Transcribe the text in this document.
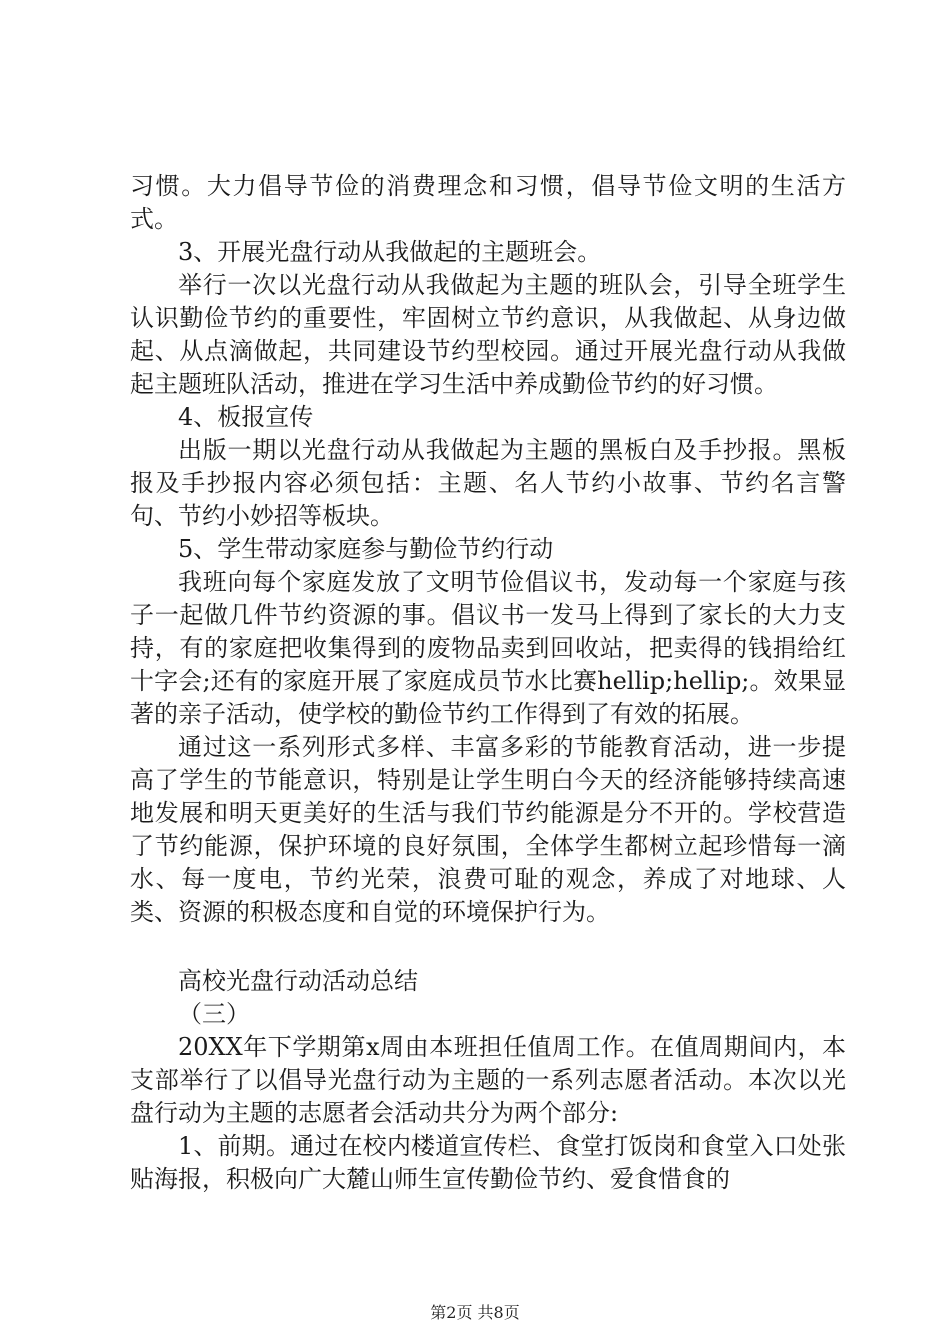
习惯。大力倡导节俭的消费理念和习惯，倡导节俭文明的生活方式。

3、开展光盘行动从我做起的主题班会。

举行一次以光盘行动从我做起为主题的班队会，引导全班学生认识勤俭节约的重要性，牢固树立节约意识，从我做起、从身边做起、从点滴做起，共同建设节约型校园。通过开展光盘行动从我做起主题班队活动，推进在学习生活中养成勤俭节约的好习惯。

4、板报宣传

出版一期以光盘行动从我做起为主题的黑板白及手抄报。黑板报及手抄报内容必须包括：主题、名人节约小故事、节约名言警句、节约小妙招等板块。

5、学生带动家庭参与勤俭节约行动

我班向每个家庭发放了文明节俭倡议书，发动每一个家庭与孩子一起做几件节约资源的事。倡议书一发马上得到了家长的大力支持，有的家庭把收集得到的废物品卖到回收站，把卖得的钱捐给红十字会;还有的家庭开展了家庭成员节水比赛hellip;hellip;。效果显著的亲子活动，使学校的勤俭节约工作得到了有效的拓展。

通过这一系列形式多样、丰富多彩的节能教育活动，进一步提高了学生的节能意识，特别是让学生明白今天的经济能够持续高速地发展和明天更美好的生活与我们节约能源是分不开的。学校营造了节约能源，保护环境的良好氛围，全体学生都树立起珍惜每一滴水、每一度电，节约光荣，浪费可耻的观念，养成了对地球、人类、资源的积极态度和自觉的环境保护行为。

高校光盘行动活动总结

（三）

20XX年下学期第x周由本班担任值周工作。在值周期间内，本支部举行了以倡导光盘行动为主题的一系列志愿者活动。本次以光盘行动为主题的志愿者会活动共分为两个部分:

1、前期。通过在校内楼道宣传栏、食堂打饭岗和食堂入口处张贴海报，积极向广大麓山师生宣传勤俭节约、爱食惜食的

第2页 共8页
